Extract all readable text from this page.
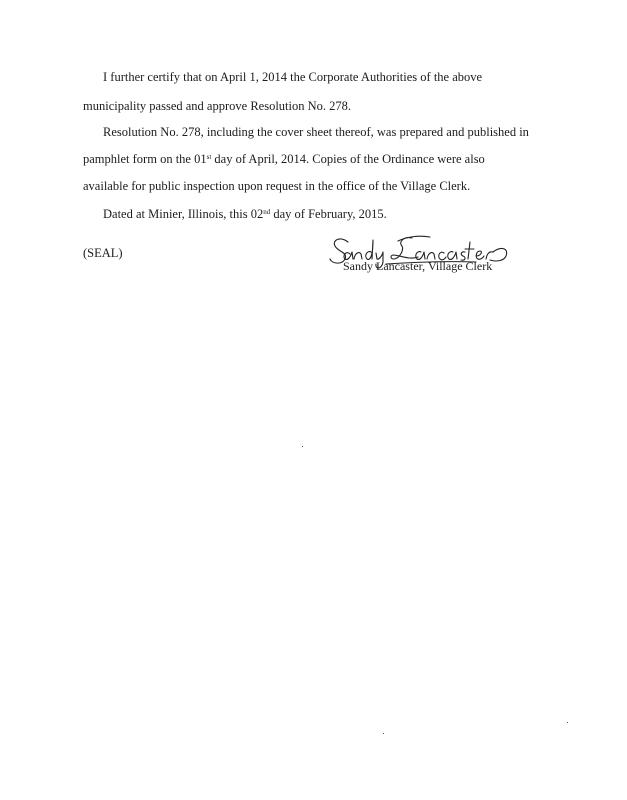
I further certify that on April 1, 2014 the Corporate Authorities of the above
municipality passed and approve Resolution No. 278.
Resolution No. 278, including the cover sheet thereof, was prepared and published in
pamphlet form on the 01st day of April, 2014. Copies of the Ordinance were also
available for public inspection upon request in the office of the Village Clerk.
Dated at Minier, Illinois, this 02nd day of February, 2015.
(SEAL)
Sandy Lancaster, Village Clerk
